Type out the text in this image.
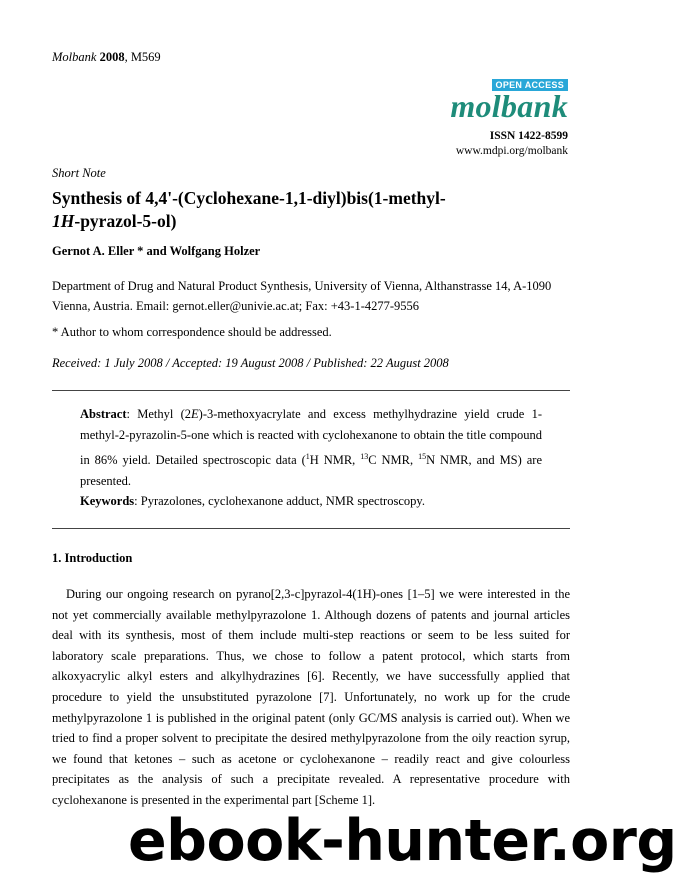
Molbank 2008, M569
OPEN ACCESS
molbank
ISSN 1422-8599
www.mdpi.org/molbank
Short Note
Synthesis of 4,4'-(Cyclohexane-1,1-diyl)bis(1-methyl-
1H-pyrazol-5-ol)
Gernot A. Eller * and Wolfgang Holzer
Department of Drug and Natural Product Synthesis, University of Vienna, Althanstrasse 14, A-1090 Vienna, Austria. Email: gernot.eller@univie.ac.at; Fax: +43-1-4277-9556
* Author to whom correspondence should be addressed.
Received: 1 July 2008 / Accepted: 19 August 2008 / Published: 22 August 2008
Abstract: Methyl (2E)-3-methoxyacrylate and excess methylhydrazine yield crude 1-methyl-2-pyrazolin-5-one which is reacted with cyclohexanone to obtain the title compound in 86% yield. Detailed spectroscopic data ($^1$H NMR, $^{13}$C NMR, $^{15}$N NMR, and MS) are presented.
Keywords: Pyrazolones, cyclohexanone adduct, NMR spectroscopy.
1. Introduction
During our ongoing research on pyrano[2,3-c]pyrazol-4(1H)-ones [1–5] we were interested in the
not yet commercially available methylpyrazolone 1. Although dozens of patents and journal articles
deal with its synthesis, most of them include multi-step reactions or seem to be less suited for
laboratory scale preparations. Thus, we chose to follow a patent protocol, which starts from
alkoxyacrylic alkyl esters and alkylhydrazines [6]. Recently, we have successfully applied that
procedure to yield the unsubstituted pyrazolone [7]. Unfortunately, no work up for the crude
methylpyrazolone 1 is published in the original patent (only GC/MS analysis is carried out). When we
tried to find a proper solvent to precipitate the desired methylpyrazolone from the oily reaction syrup,
we found that ketones – such as acetone or cyclohexanone – readily react and give colourless
precipitates as the analysis of such a precipitate revealed. A representative procedure with
cyclohexanone is presented in the experimental part [Scheme 1].
ebook-hunter.org
